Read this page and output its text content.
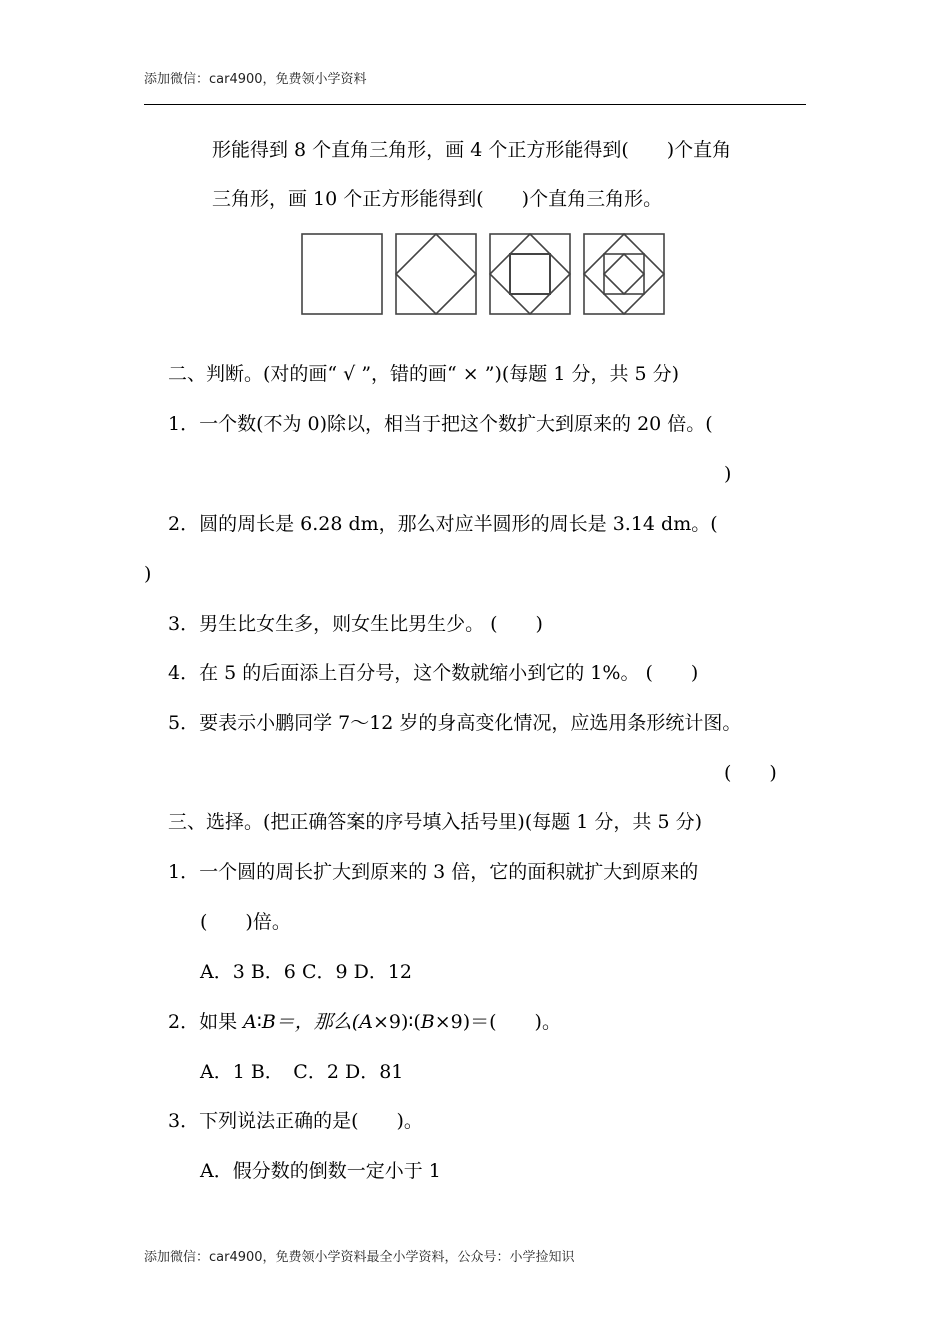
添加微信：car4900，免费领小学资料
形能得到 8 个直角三角形，画 4 个正方形能得到(　　)个直角
三角形，画 10 个正方形能得到(　　)个直角三角形。
二、判断。(对的画“ √ ”，错的画“ × ”)(每题 1 分，共 5 分)
1．一个数(不为 0)除以，相当于把这个数扩大到原来的 20 倍。(
)
2．圆的周长是 6.28 dm，那么对应半圆形的周长是 3.14 dm。(
)
3．男生比女生多，则女生比男生少。 (　　)
4．在 5 的后面添上百分号，这个数就缩小到它的 1%。 (　　)
5．要表示小鹏同学 7～12 岁的身高变化情况，应选用条形统计图。
(　　)
三、选择。(把正确答案的序号填入括号里)(每题 1 分，共 5 分)
1．一个圆的周长扩大到原来的 3 倍，它的面积就扩大到原来的
(　　)倍。
A．3 B．6 C．9 D．12
2．如果 A∶B＝，那么(A×9)∶(B×9)＝(　　)。
A．1 B．　C．2 D．81
3．下列说法正确的是(　　)。
A．假分数的倒数一定小于 1
添加微信：car4900，免费领小学资料最全小学资料，公众号：小学捡知识
